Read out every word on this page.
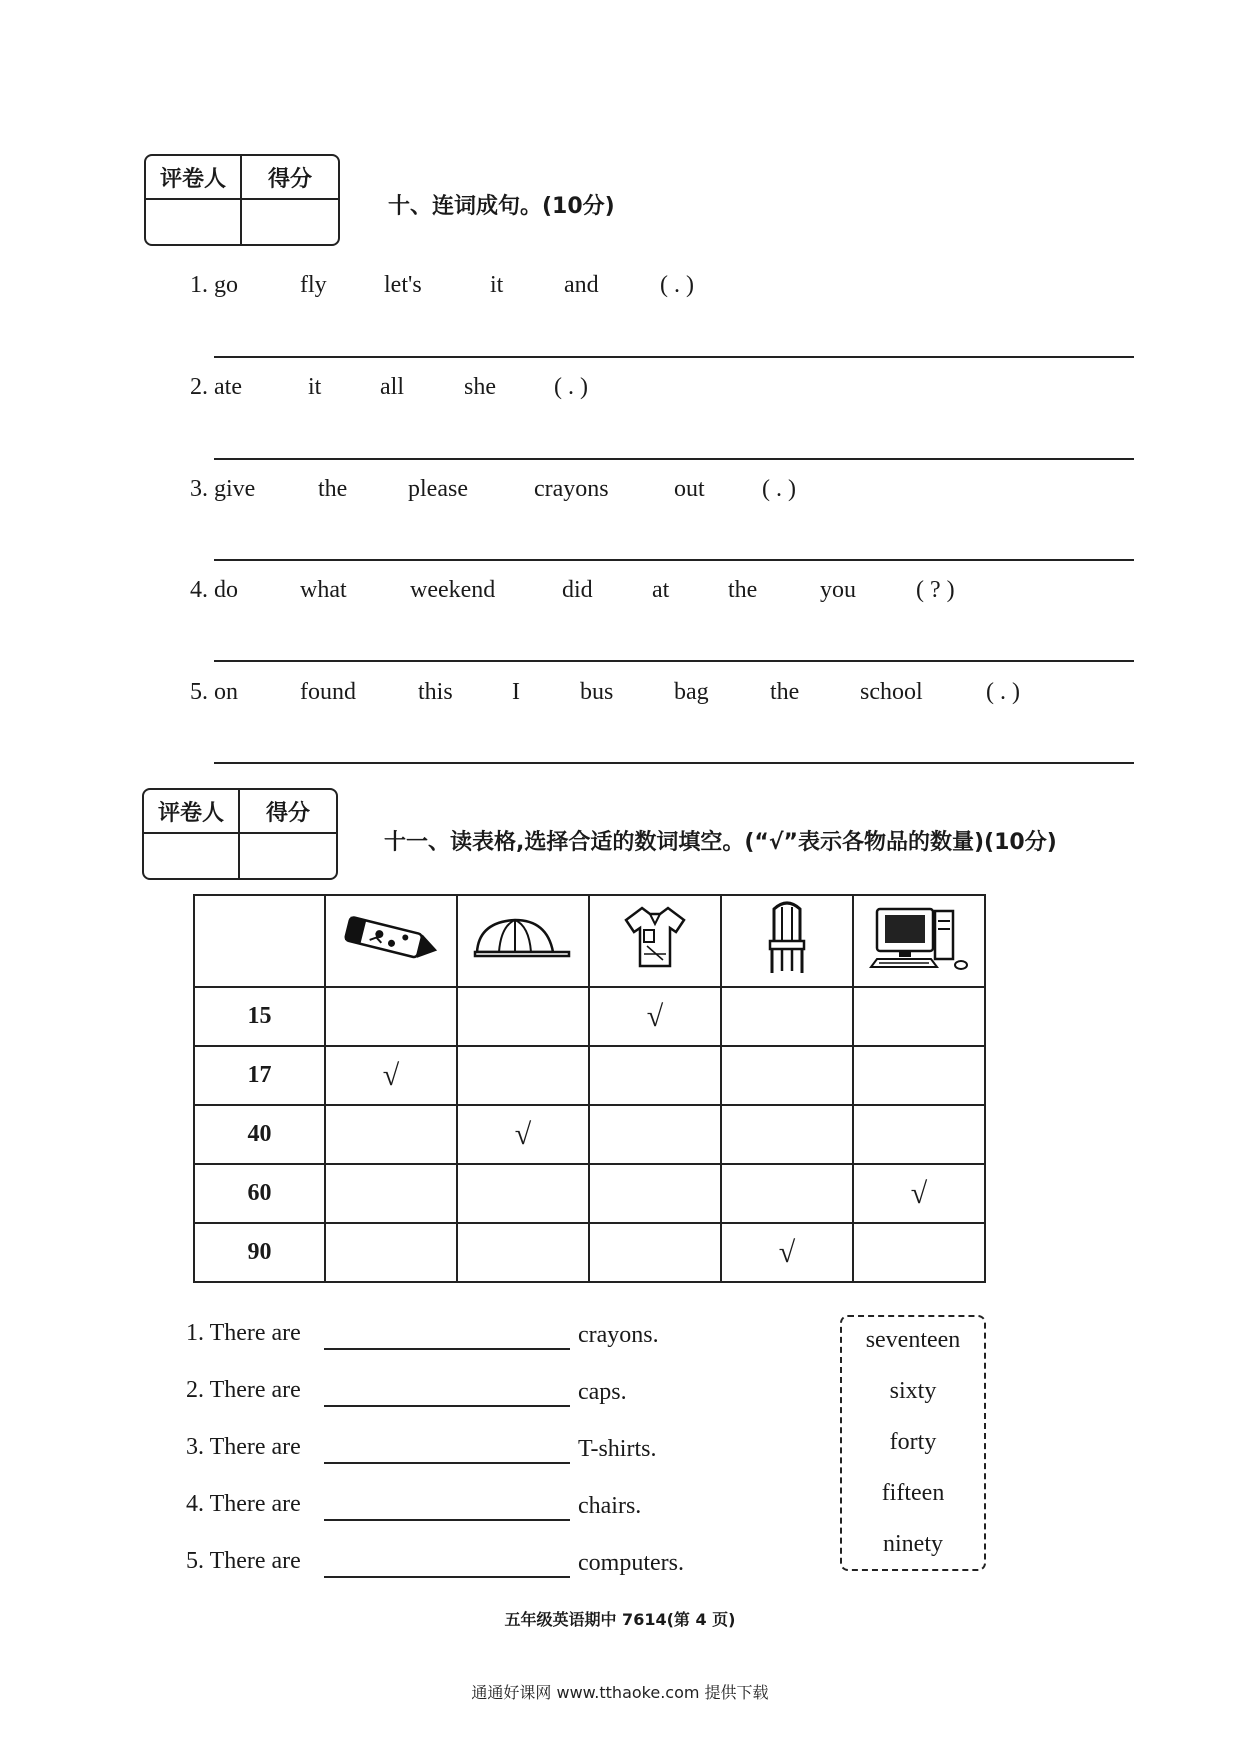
评卷人	得分
十、连词成句。(10分)
1. go	fly let's	it	and	( . )
2. ate	it all	she ( . )
3. give	the	please	crayons	out ( . )
4. do	what	weekend	did at the	you	( ? )
5. on	found	this I	bus	bag	the	school	( . )
评卷人	得分
十一、读表格,选择合适的数词填空。(“√”表示各物品的数量)(10分)

15			√		
17	√				
40		√			
60					√
90				√	
1. There are	crayons.
2. There are	caps.
3. There are	T-shirts.
4. There are	chairs.
5. There are	computers.
seventeen
sixty
forty
fifteen
ninety
五年级英语期中 7614(第 4 页)
通通好课网 www.tthaoke.com 提供下载
